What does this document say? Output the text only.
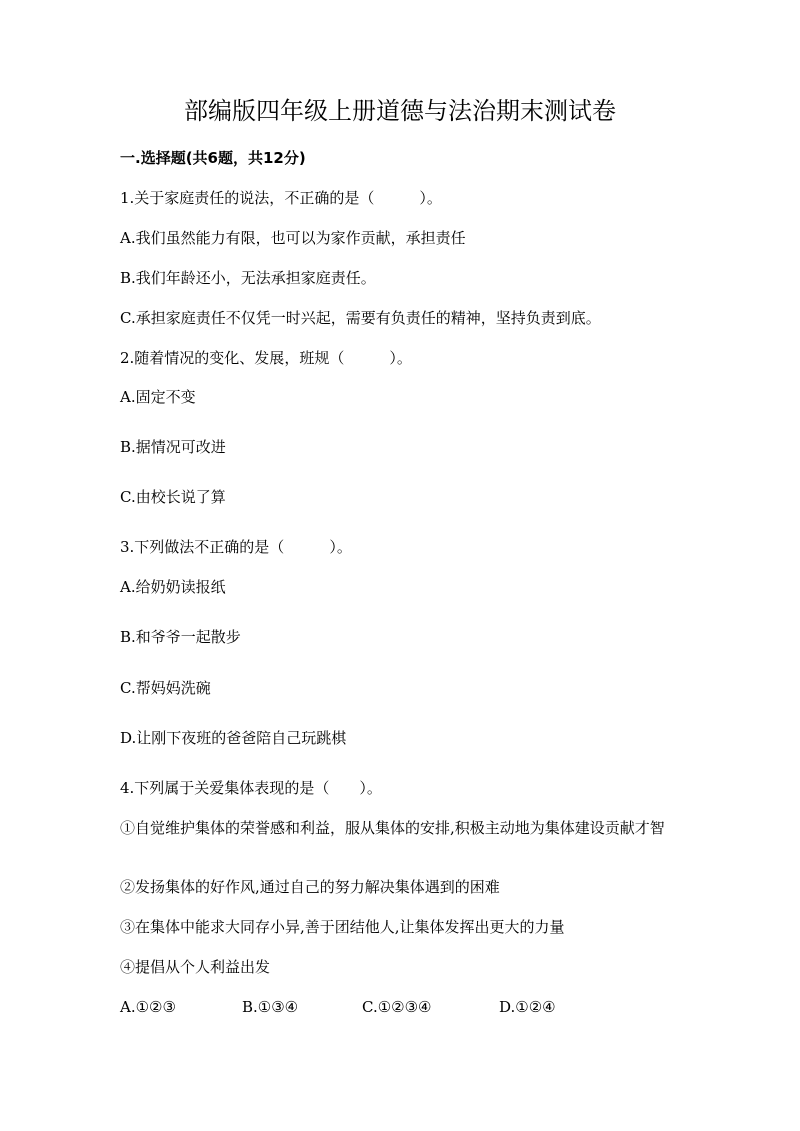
部编版四年级上册道德与法治期末测试卷

一.选择题(共6题，共12分)

1.关于家庭责任的说法，不正确的是（　　　）。

A.我们虽然能力有限，也可以为家作贡献，承担责任

B.我们年龄还小，无法承担家庭责任。

C.承担家庭责任不仅凭一时兴起，需要有负责任的精神，坚持负责到底。

2.随着情况的变化、发展，班规（　　　）。

A.固定不变

B.据情况可改进

C.由校长说了算

3.下列做法不正确的是（　　　）。

A.给奶奶读报纸

B.和爷爷一起散步

C.帮妈妈洗碗

D.让刚下夜班的爸爸陪自己玩跳棋

4.下列属于关爱集体表现的是（　　）。

①自觉维护集体的荣誉感和利益，服从集体的安排,积极主动地为集体建设贡献才智

②发扬集体的好作风,通过自己的努力解决集体遇到的困难

③在集体中能求大同存小异,善于团结他人,让集体发挥出更大的力量

④提倡从个人利益出发

A.①②③	B.①③④	C.①②③④	D.①②④
